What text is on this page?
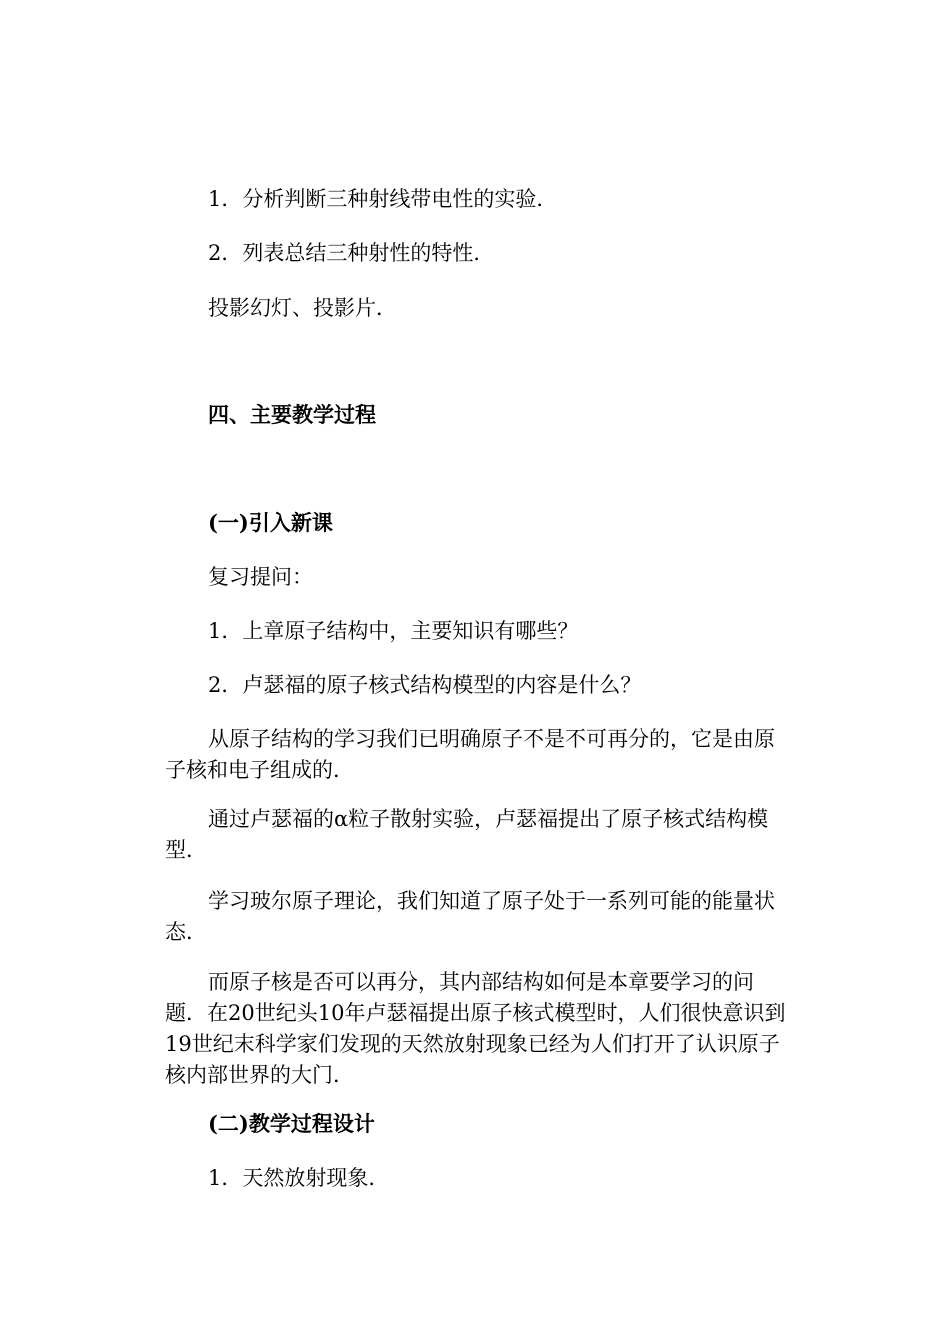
1．分析判断三种射线带电性的实验．

2．列表总结三种射性的特性．

投影幻灯、投影片．

四、主要教学过程

(一)引入新课

复习提问：

1．上章原子结构中，主要知识有哪些？

2．卢瑟福的原子核式结构模型的内容是什么？

从原子结构的学习我们已明确原子不是不可再分的，它是由原子核和电子组成的．

通过卢瑟福的α粒子散射实验，卢瑟福提出了原子核式结构模型．

学习玻尔原子理论，我们知道了原子处于一系列可能的能量状态．

而原子核是否可以再分，其内部结构如何是本章要学习的问题．在20世纪头10年卢瑟福提出原子核式模型时，人们很快意识到19世纪末科学家们发现的天然放射现象已经为人们打开了认识原子核内部世界的大门．

(二)教学过程设计

1．天然放射现象．
